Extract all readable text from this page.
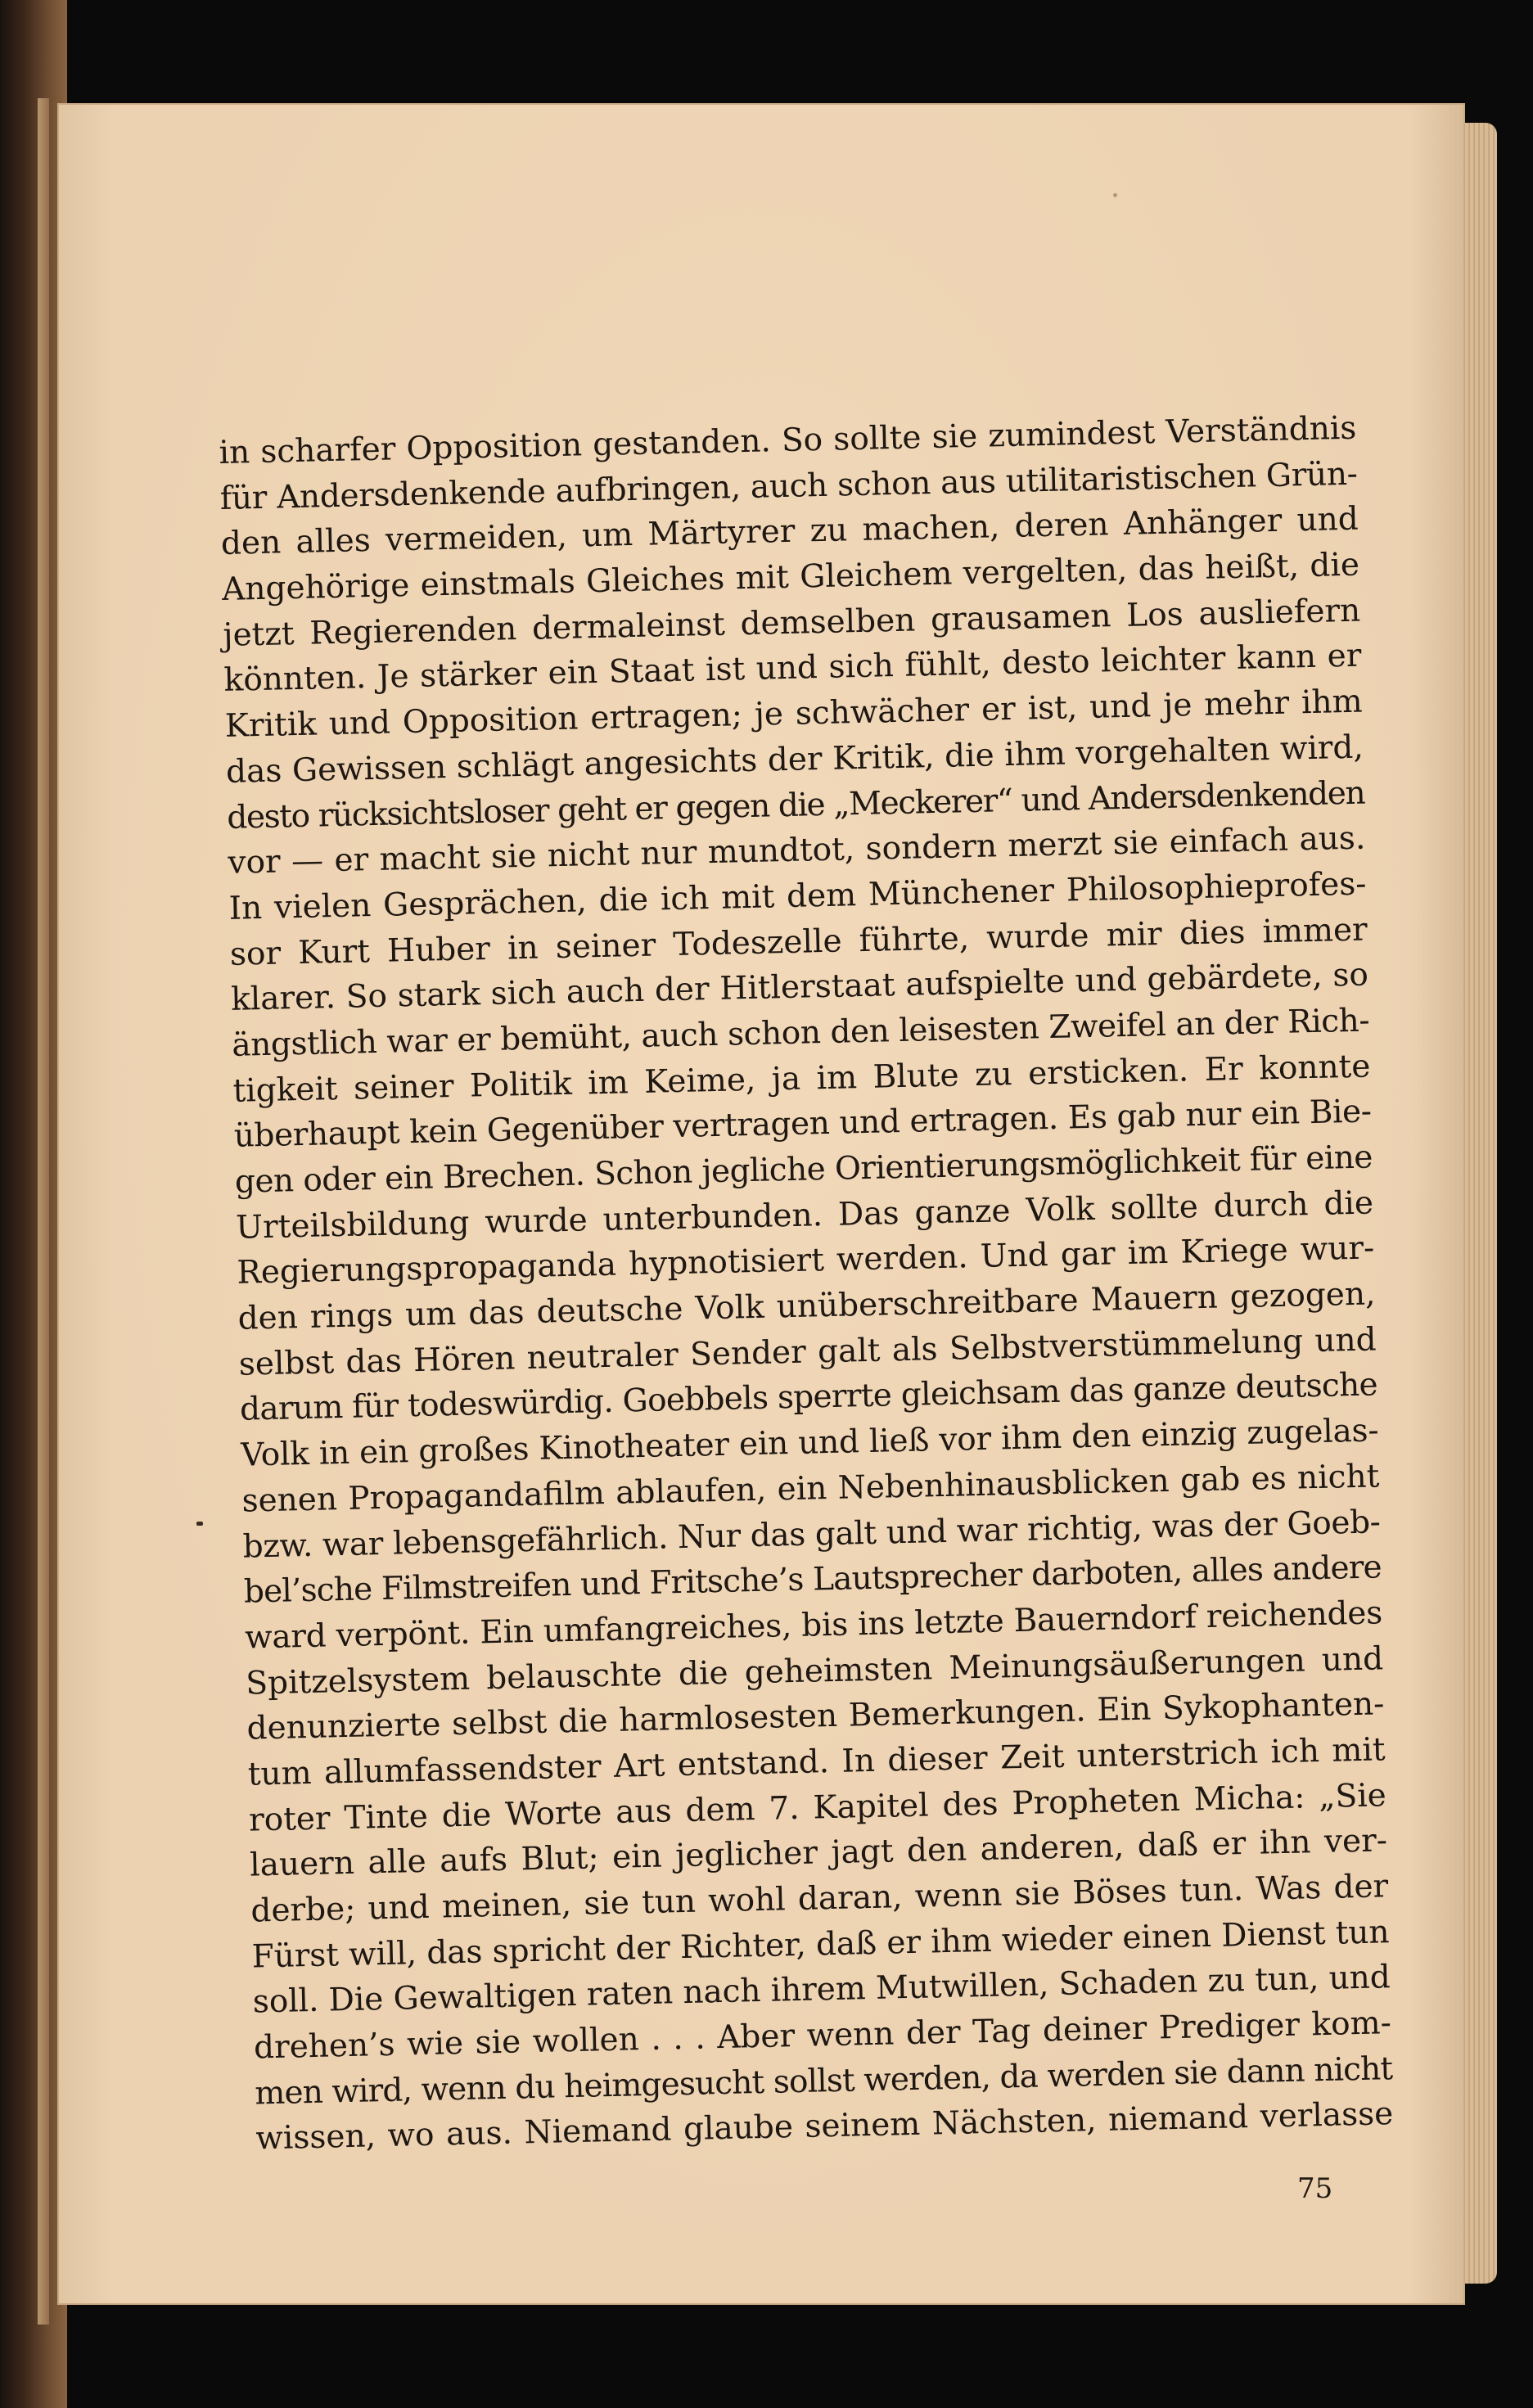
in scharfer Opposition gestanden. So sollte sie zumindest Verständnis
für Andersdenkende aufbringen, auch schon aus utilitaristischen Grün-
den alles vermeiden, um Märtyrer zu machen, deren Anhänger und
Angehörige einstmals Gleiches mit Gleichem vergelten, das heißt, die
jetzt Regierenden dermaleinst demselben grausamen Los ausliefern
könnten. Je stärker ein Staat ist und sich fühlt, desto leichter kann er
Kritik und Opposition ertragen; je schwächer er ist, und je mehr ihm
das Gewissen schlägt angesichts der Kritik, die ihm vorgehalten wird,
desto rücksichtsloser geht er gegen die „Meckerer“ und Andersdenkenden
vor — er macht sie nicht nur mundtot, sondern merzt sie einfach aus.
In vielen Gesprächen, die ich mit dem Münchener Philosophieprofes-
sor Kurt Huber in seiner Todeszelle führte, wurde mir dies immer
klarer. So stark sich auch der Hitlerstaat aufspielte und gebärdete, so
ängstlich war er bemüht, auch schon den leisesten Zweifel an der Rich-
tigkeit seiner Politik im Keime, ja im Blute zu ersticken. Er konnte
überhaupt kein Gegenüber vertragen und ertragen. Es gab nur ein Bie-
gen oder ein Brechen. Schon jegliche Orientierungsmöglichkeit für eine
Urteilsbildung wurde unterbunden. Das ganze Volk sollte durch die
Regierungspropaganda hypnotisiert werden. Und gar im Kriege wur-
den rings um das deutsche Volk unüberschreitbare Mauern gezogen,
selbst das Hören neutraler Sender galt als Selbstverstümmelung und
darum für todeswürdig. Goebbels sperrte gleichsam das ganze deutsche
Volk in ein großes Kinotheater ein und ließ vor ihm den einzig zugelas-
senen Propagandafilm ablaufen, ein Nebenhinausblicken gab es nicht
bzw. war lebensgefährlich. Nur das galt und war richtig, was der Goeb-
bel’sche Filmstreifen und Fritsche’s Lautsprecher darboten, alles andere
ward verpönt. Ein umfangreiches, bis ins letzte Bauerndorf reichendes
Spitzelsystem belauschte die geheimsten Meinungsäußerungen und
denunzierte selbst die harmlosesten Bemerkungen. Ein Sykophanten-
tum allumfassendster Art entstand. In dieser Zeit unterstrich ich mit
roter Tinte die Worte aus dem 7. Kapitel des Propheten Micha: „Sie
lauern alle aufs Blut; ein jeglicher jagt den anderen, daß er ihn ver-
derbe; und meinen, sie tun wohl daran, wenn sie Böses tun. Was der
Fürst will, das spricht der Richter, daß er ihm wieder einen Dienst tun
soll. Die Gewaltigen raten nach ihrem Mutwillen, Schaden zu tun, und
drehen’s wie sie wollen . . . Aber wenn der Tag deiner Prediger kom-
men wird, wenn du heimgesucht sollst werden, da werden sie dann nicht
wissen, wo aus. Niemand glaube seinem Nächsten, niemand verlasse
75
